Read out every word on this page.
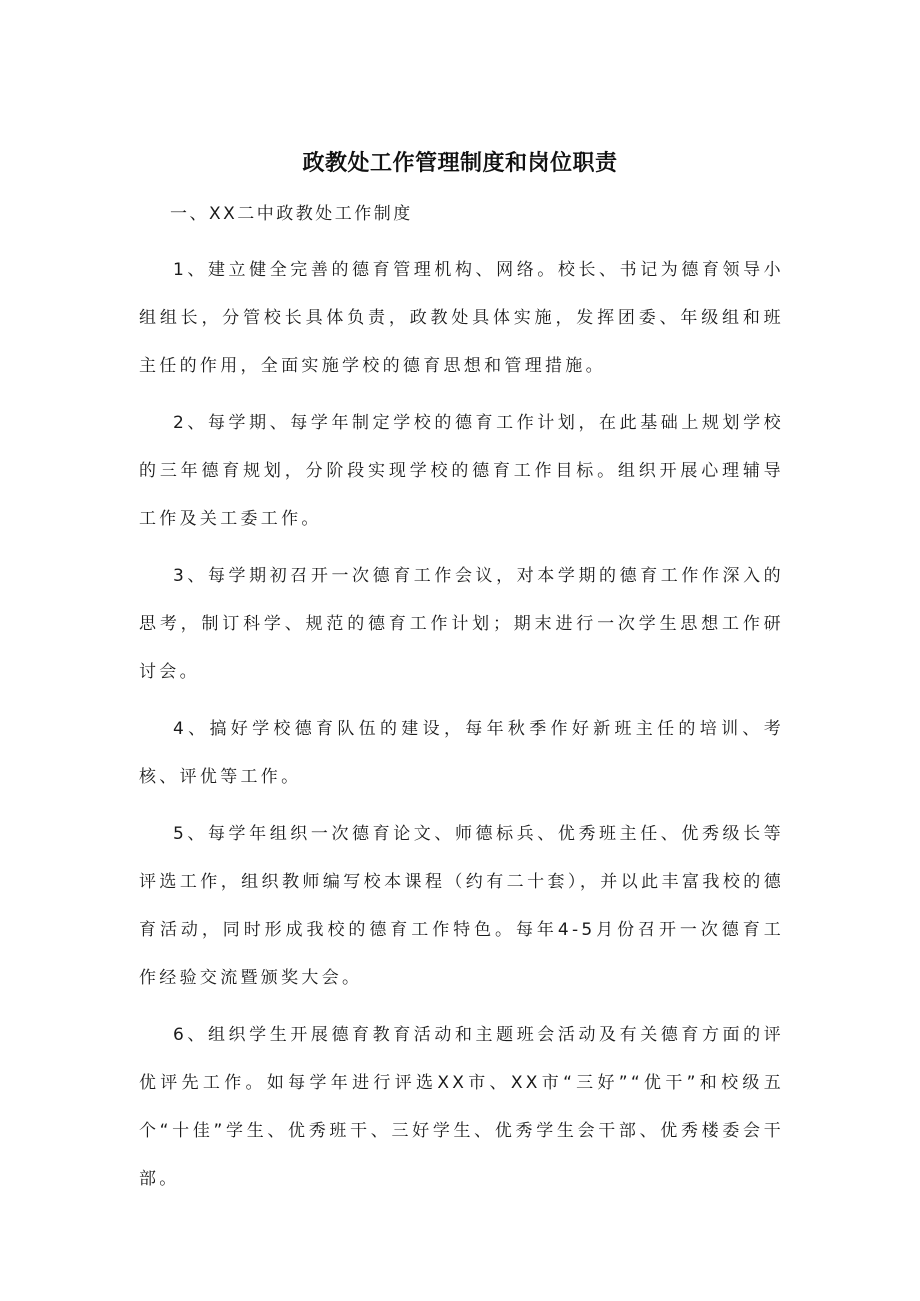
政教处工作管理制度和岗位职责

一、XX二中政教处工作制度

1、建立健全完善的德育管理机构、网络。校长、书记为德育领导小组组长，分管校长具体负责，政教处具体实施，发挥团委、年级组和班主任的作用，全面实施学校的德育思想和管理措施。

2、每学期、每学年制定学校的德育工作计划，在此基础上规划学校的三年德育规划，分阶段实现学校的德育工作目标。组织开展心理辅导工作及关工委工作。

3、每学期初召开一次德育工作会议，对本学期的德育工作作深入的思考，制订科学、规范的德育工作计划；期末进行一次学生思想工作研讨会。

4、搞好学校德育队伍的建设，每年秋季作好新班主任的培训、考核、评优等工作。

5、每学年组织一次德育论文、师德标兵、优秀班主任、优秀级长等评选工作，组织教师编写校本课程（约有二十套），并以此丰富我校的德育活动，同时形成我校的德育工作特色。每年4-5月份召开一次德育工作经验交流暨颁奖大会。

6、组织学生开展德育教育活动和主题班会活动及有关德育方面的评优评先工作。如每学年进行评选XX市、XX市“三好”“优干”和校级五个“十佳”学生、优秀班干、三好学生、优秀学生会干部、优秀楼委会干部。
